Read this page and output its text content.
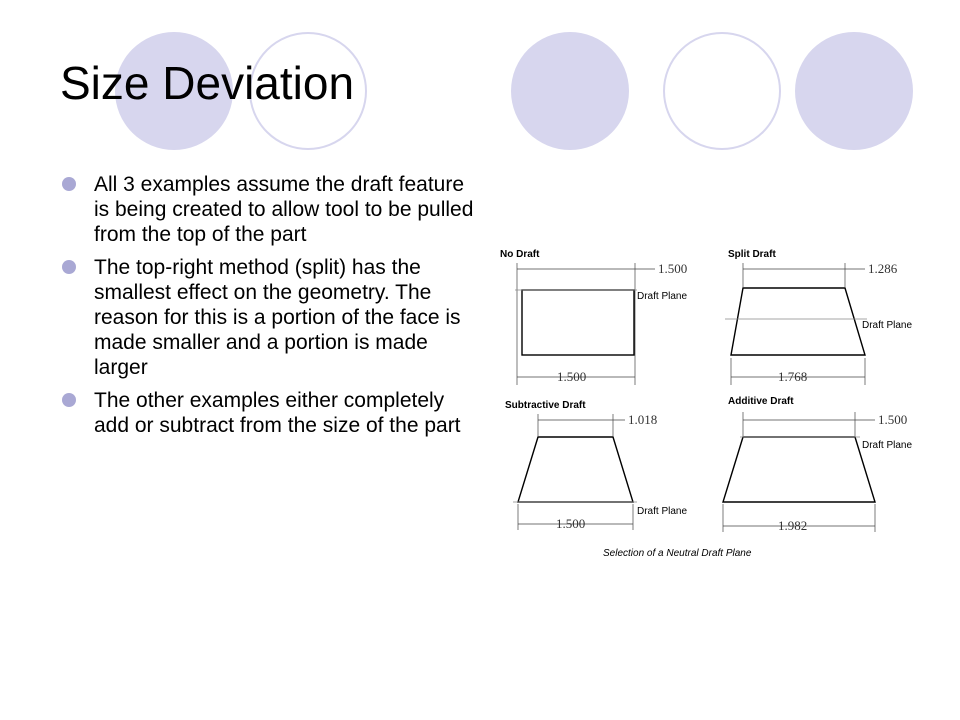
Size Deviation
All 3 examples assume the draft feature is being created to allow tool to be pulled from the top of the part
The top-right method (split) has the smallest effect on the geometry. The reason for this is a portion of the face is made smaller and a portion is made larger
The other examples either completely add or subtract from the size of the part
No Draft
1.500
Draft Plane
1.500
Split Draft
1.286
Draft Plane
1.768
Subtractive Draft
1.018
Draft Plane
1.500
Additive Draft
1.500
Draft Plane
1.982
Selection of a Neutral Draft Plane
